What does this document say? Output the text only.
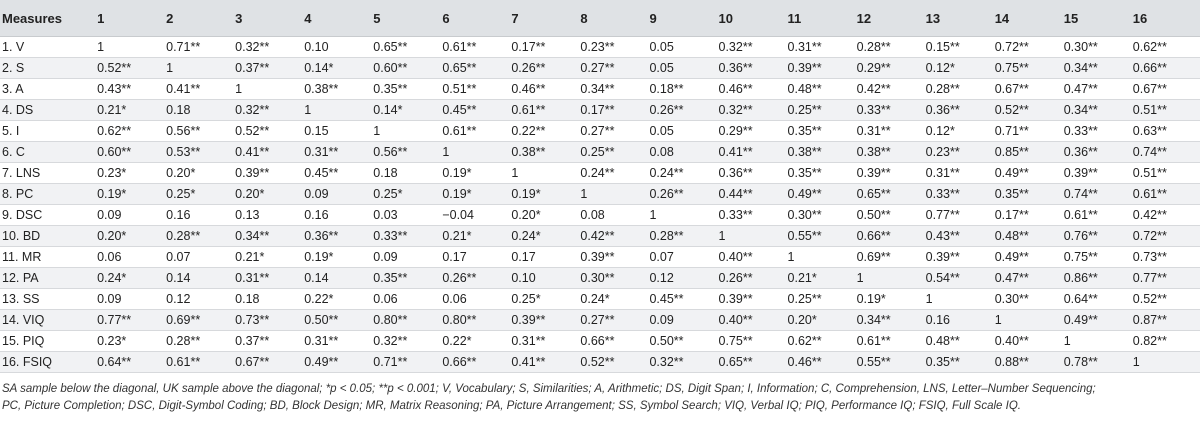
Measures	1	2	3	4	5	6	7	8	9	10	11	12	13	14	15	16
1. V	1	0.71**	0.32**	0.10	0.65**	0.61**	0.17**	0.23**	0.05	0.32**	0.31**	0.28**	0.15**	0.72**	0.30**	0.62**
2. S	0.52**	1	0.37**	0.14*	0.60**	0.65**	0.26**	0.27**	0.05	0.36**	0.39**	0.29**	0.12*	0.75**	0.34**	0.66**
3. A	0.43**	0.41**	1	0.38**	0.35**	0.51**	0.46**	0.34**	0.18**	0.46**	0.48**	0.42**	0.28**	0.67**	0.47**	0.67**
4. DS	0.21*	0.18	0.32**	1	0.14*	0.45**	0.61**	0.17**	0.26**	0.32**	0.25**	0.33**	0.36**	0.52**	0.34**	0.51**
5. I	0.62**	0.56**	0.52**	0.15	1	0.61**	0.22**	0.27**	0.05	0.29**	0.35**	0.31**	0.12*	0.71**	0.33**	0.63**
6. C	0.60**	0.53**	0.41**	0.31**	0.56**	1	0.38**	0.25**	0.08	0.41**	0.38**	0.38**	0.23**	0.85**	0.36**	0.74**
7. LNS	0.23*	0.20*	0.39**	0.45**	0.18	0.19*	1	0.24**	0.24**	0.36**	0.35**	0.39**	0.31**	0.49**	0.39**	0.51**
8. PC	0.19*	0.25*	0.20*	0.09	0.25*	0.19*	0.19*	1	0.26**	0.44**	0.49**	0.65**	0.33**	0.35**	0.74**	0.61**
9. DSC	0.09	0.16	0.13	0.16	0.03	−0.04	0.20*	0.08	1	0.33**	0.30**	0.50**	0.77**	0.17**	0.61**	0.42**
10. BD	0.20*	0.28**	0.34**	0.36**	0.33**	0.21*	0.24*	0.42**	0.28**	1	0.55**	0.66**	0.43**	0.48**	0.76**	0.72**
11. MR	0.06	0.07	0.21*	0.19*	0.09	0.17	0.17	0.39**	0.07	0.40**	1	0.69**	0.39**	0.49**	0.75**	0.73**
12. PA	0.24*	0.14	0.31**	0.14	0.35**	0.26**	0.10	0.30**	0.12	0.26**	0.21*	1	0.54**	0.47**	0.86**	0.77**
13. SS	0.09	0.12	0.18	0.22*	0.06	0.06	0.25*	0.24*	0.45**	0.39**	0.25**	0.19*	1	0.30**	0.64**	0.52**
14. VIQ	0.77**	0.69**	0.73**	0.50**	0.80**	0.80**	0.39**	0.27**	0.09	0.40**	0.20*	0.34**	0.16	1	0.49**	0.87**
15. PIQ	0.23*	0.28**	0.37**	0.31**	0.32**	0.22*	0.31**	0.66**	0.50**	0.75**	0.62**	0.61**	0.48**	0.40**	1	0.82**
16. FSIQ	0.64**	0.61**	0.67**	0.49**	0.71**	0.66**	0.41**	0.52**	0.32**	0.65**	0.46**	0.55**	0.35**	0.88**	0.78**	1
SA sample below the diagonal, UK sample above the diagonal; *p < 0.05; **p < 0.001; V, Vocabulary; S, Similarities; A, Arithmetic; DS, Digit Span; I, Information; C, Comprehension, LNS, Letter–Number Sequencing;
PC, Picture Completion; DSC, Digit-Symbol Coding; BD, Block Design; MR, Matrix Reasoning; PA, Picture Arrangement; SS, Symbol Search; VIQ, Verbal IQ; PIQ, Performance IQ; FSIQ, Full Scale IQ.
